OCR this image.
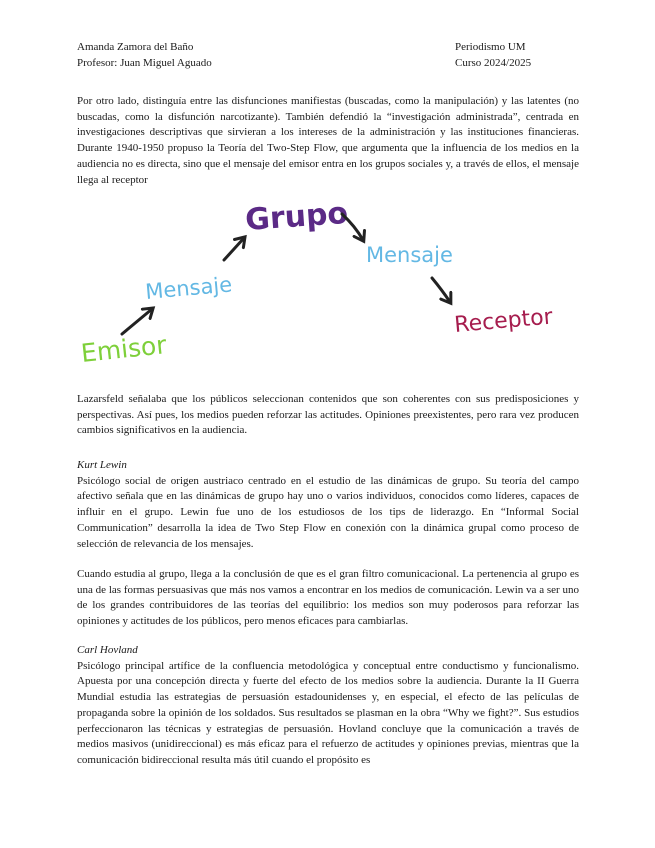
Amanda Zamora del Baño
Profesor: Juan Miguel Aguado
Periodismo UM
Curso 2024/2025

Por otro lado, distinguía entre las disfunciones manifiestas (buscadas, como la manipulación) y las latentes (no buscadas, como la disfunción narcotizante). También defendió la “investigación administrada”, centrada en investigaciones descriptivas que sirvieran a los intereses de la administración y las instituciones financieras. Durante 1940-1950 propuso la Teoría del Two-Step Flow, que argumenta que la influencia de los medios en la audiencia no es directa, sino que el mensaje del emisor entra en los grupos sociales y, a través de ellos, el mensaje llega al receptor

Emisor
Mensaje
Grupo
Mensaje
Receptor

Lazarsfeld señalaba que los públicos seleccionan contenidos que son coherentes con sus predisposiciones y perspectivas. Así pues, los medios pueden reforzar las actitudes. Opiniones preexistentes, pero rara vez producen cambios significativos en la audiencia.

Kurt Lewin

Psicólogo social de origen austriaco centrado en el estudio de las dinámicas de grupo. Su teoría del campo afectivo señala que en las dinámicas de grupo hay uno o varios individuos, conocidos como líderes, capaces de influir en el grupo. Lewin fue uno de los estudiosos de los tips de liderazgo. En “Informal Social Communication” desarrolla la idea de Two Step Flow en conexión con la dinámica grupal como proceso de selección de relevancia de los mensajes.

Cuando estudia al grupo, llega a la conclusión de que es el gran filtro comunicacional. La pertenencia al grupo es una de las formas persuasivas que más nos vamos a encontrar en los medios de comunicación. Lewin va a ser uno de los grandes contribuidores de las teorías del equilibrio: los medios son muy poderosos para reforzar las opiniones y actitudes de los públicos, pero menos eficaces para cambiarlas.

Carl Hovland

Psicólogo principal artífice de la confluencia metodológica y conceptual entre conductismo y funcionalismo. Apuesta por una concepción directa y fuerte del efecto de los medios sobre la audiencia. Durante la II Guerra Mundial estudia las estrategias de persuasión estadounidenses y, en especial, el efecto de las películas de propaganda sobre la opinión de los soldados. Sus resultados se plasman en la obra “Why we fight?”. Sus estudios perfeccionaron las técnicas y estrategias de persuasión. Hovland concluye que la comunicación a través de medios masivos (unidireccional) es más eficaz para el refuerzo de actitudes y opiniones previas, mientras que la comunicación bidireccional resulta más útil cuando el propósito es
